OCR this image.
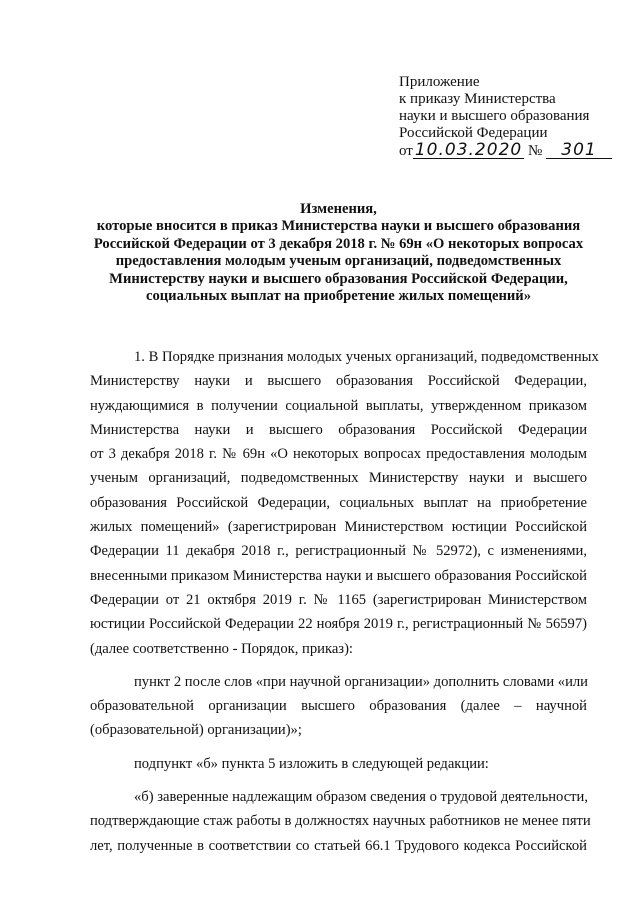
Приложение
к приказу Министерства
науки и высшего образования
Российской Федерации
от 10.03.2020 № 301
Изменения,
которые вносится в приказ Министерства науки и высшего образования
Российской Федерации от 3 декабря 2018 г. № 69н «О некоторых вопросах
предоставления молодым ученым организаций, подведомственных
Министерству науки и высшего образования Российской Федерации,
социальных выплат на приобретение жилых помещений»
1. В Порядке признания молодых ученых организаций, подведомственных
Министерству науки и высшего образования Российской Федерации,
нуждающимися в получении социальной выплаты, утвержденном приказом
Министерства науки и высшего образования Российской Федерации
от 3 декабря 2018 г. № 69н «О некоторых вопросах предоставления молодым
ученым организаций, подведомственных Министерству науки и высшего
образования Российской Федерации, социальных выплат на приобретение
жилых помещений» (зарегистрирован Министерством юстиции Российской
Федерации 11 декабря 2018 г., регистрационный № 52972), с изменениями,
внесенными приказом Министерства науки и высшего образования Российской
Федерации от 21 октября 2019 г. № 1165 (зарегистрирован Министерством
юстиции Российской Федерации 22 ноября 2019 г., регистрационный № 56597)
(далее соответственно - Порядок, приказ):
пункт 2 после слов «при научной организации» дополнить словами «или
образовательной организации высшего образования (далее – научной
(образовательной) организации)»;
подпункт «б» пункта 5 изложить в следующей редакции:
«б) заверенные надлежащим образом сведения о трудовой деятельности,
подтверждающие стаж работы в должностях научных работников не менее пяти
лет, полученные в соответствии со статьей 66.1 Трудового кодекса Российской
